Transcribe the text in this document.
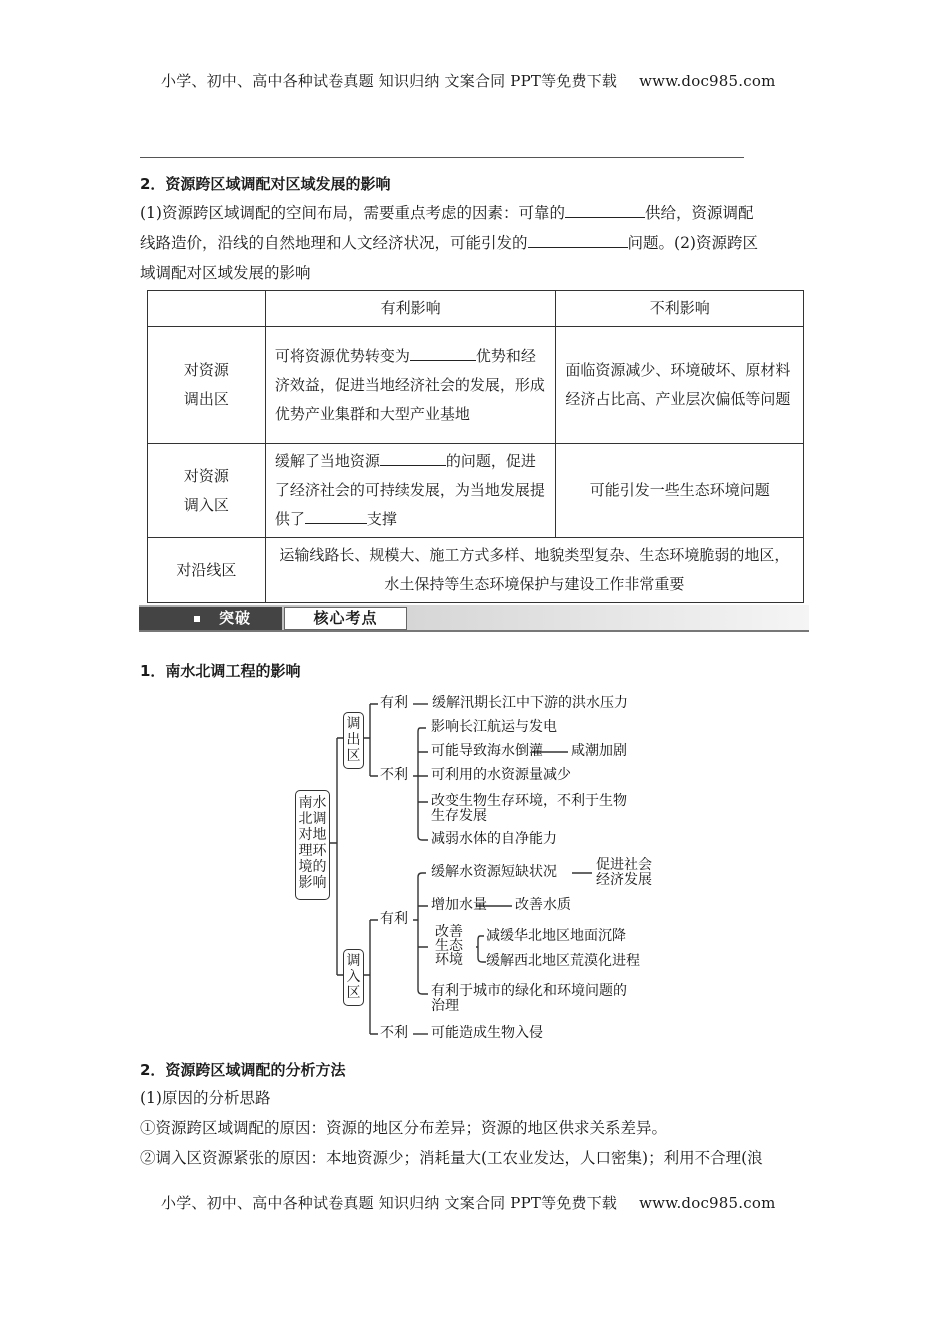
小学、初中、高中各种试卷真题 知识归纳 文案合同 PPT等免费下载 www.doc985.com
2．资源跨区域调配对区域发展的影响
(1)资源跨区域调配的空间布局，需要重点考虑的因素：可靠的	供给，资源调配
线路造价，沿线的自然地理和人文经济状况，可能引发的	问题。(2)资源跨区
域调配对区域发展的影响
	有利影响	不利影响
对资源
调出区	可将资源优势转变为 优势和经济效益，促进当地经济社会的发展，形成优势产业集群和大型产业基地	面临资源减少、环境破坏、原材料经济占比高、产业层次偏低等问题
对资源
调入区	缓解了当地资源 的问题，促进了经济社会的可持续发展，为当地发展提供了 支撑	可能引发一些生态环境问题
对沿线区	运输线路长、规模大、施工方式多样、地貌类型复杂、生态环境脆弱的地区，水土保持等生态环境保护与建设工作非常重要	
突破	核心考点
1．南水北调工程的影响
南水
北调
对地
理环
境的
影响
调
出
区
调
入
区
有利 缓解汛期长江中下游的洪水压力
不利
影响长江航运与发电
可能导致海水倒灌 咸潮加剧
可利用的水资源量减少
改变生物生存环境，不利于生物
生存发展
减弱水体的自净能力
有利
缓解水资源短缺状况	促进社会
经济发展
增加水量 改善水质
改善
生态
环境
减缓华北地区地面沉降
缓解西北地区荒漠化进程
有利于城市的绿化和环境问题的
治理
不利 可能造成生物入侵
2．资源跨区域调配的分析方法
(1)原因的分析思路
①资源跨区域调配的原因：资源的地区分布差异；资源的地区供求关系差异。
②调入区资源紧张的原因：本地资源少；消耗量大(工农业发达，人口密集)；利用不合理(浪
小学、初中、高中各种试卷真题 知识归纳 文案合同 PPT等免费下载 www.doc985.com
